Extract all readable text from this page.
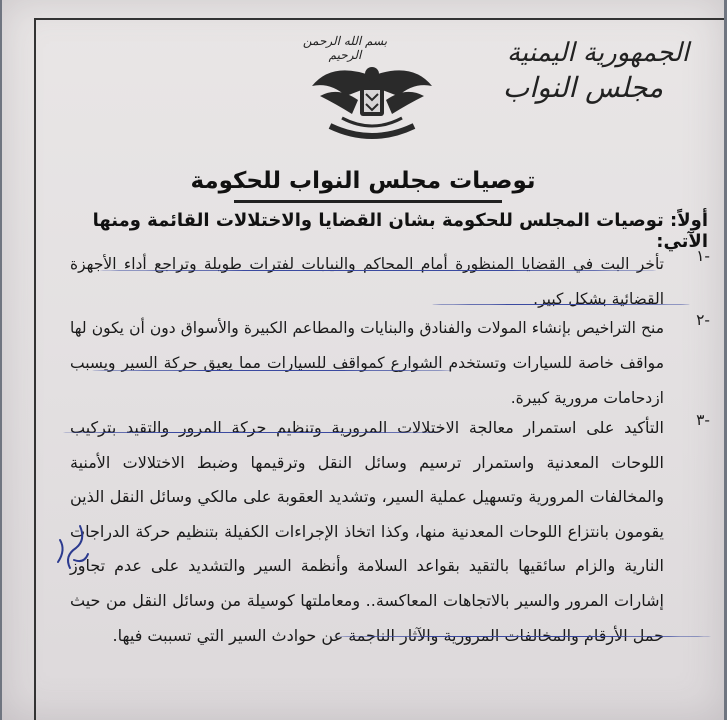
بسم الله الرحمن الرحيم	الجمهورية اليمنية
مجلس النواب
توصيات مجلس النواب للحكومة
أولاً: توصيات المجلس للحكومة بشان القضايا والاختلالات القائمة ومنها الآتي:
-١
تأخر البت في القضايا المنظورة أمام المحاكم والنيابات لفترات طويلة وتراجع أداء الأجهزة القضائية بشكل كبير.
-٢
منح التراخيص بإنشاء المولات والفنادق والبنايات والمطاعم الكبيرة والأسواق دون أن يكون لها مواقف خاصة للسيارات وتستخدم الشوارع كمواقف للسيارات مما يعيق حركة السير ويسبب ازدحامات مرورية كبيرة.
-٣
التأكيد على استمرار معالجة الاختلالات المرورية وتنظيم حركة المرور والتقيد بتركيب اللوحات المعدنية واستمرار ترسيم وسائل النقل وترقيمها وضبط الاختلالات الأمنية والمخالفات المرورية وتسهيل عملية السير، وتشديد العقوبة على مالكي وسائل النقل الذين يقومون بانتزاع اللوحات المعدنية منها، وكذا اتخاذ الإجراءات الكفيلة بتنظيم حركة الدراجات النارية والزام سائقيها بالتقيد بقواعد السلامة وأنظمة السير والتشديد على عدم تجاوز إشارات المرور والسير بالاتجاهات المعاكسة.. ومعاملتها كوسيلة من وسائل النقل من حيث حمل الأرقام والمخالفات المرورية والآثار الناجمة عن حوادث السير التي تسببت فيها.
